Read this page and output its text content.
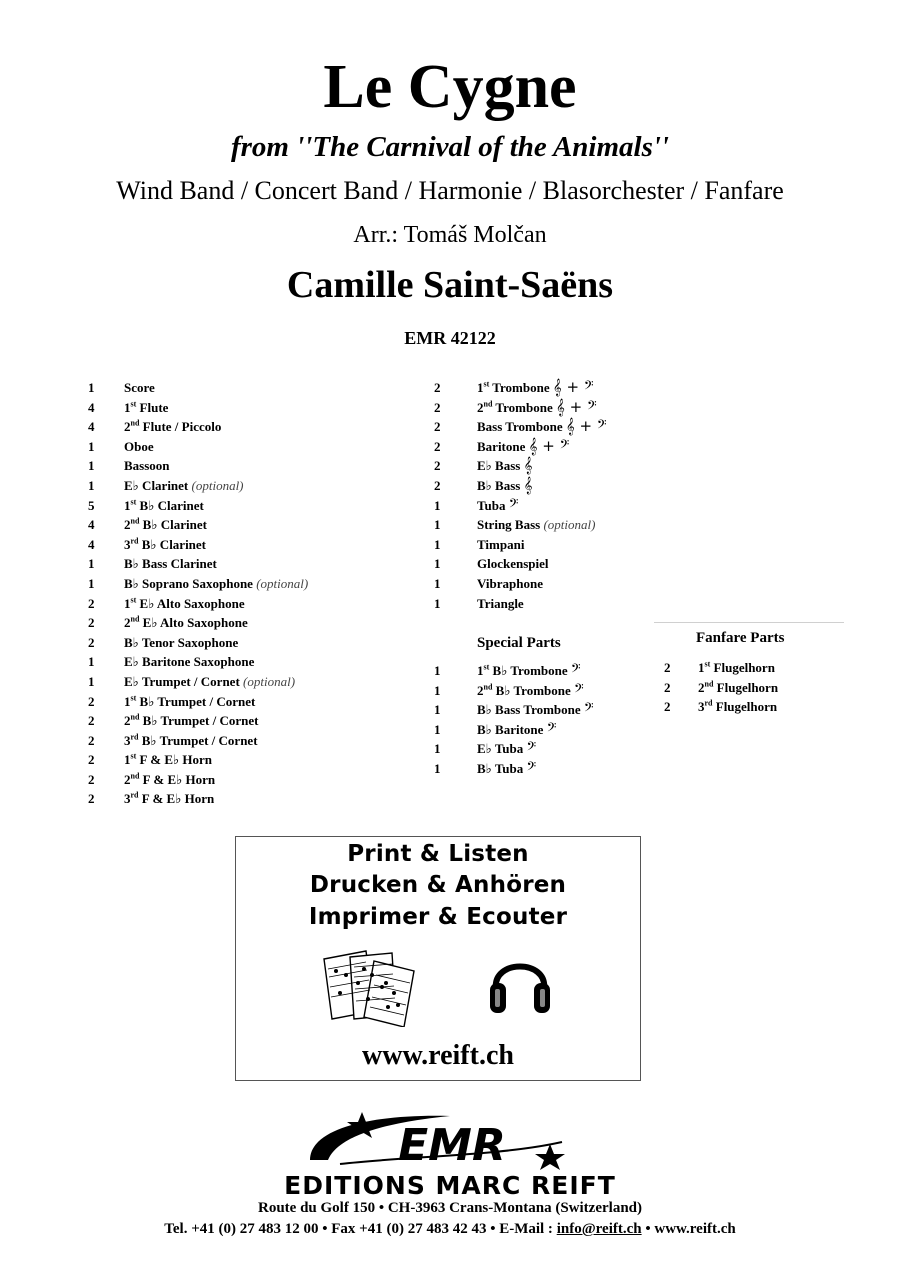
Le Cygne
from ''The Carnival of the Animals''
Wind Band / Concert Band / Harmonie / Blasorchester / Fanfare
Arr.: Tomáš Molčan
Camille Saint-Saëns
EMR 42122
1	Score
4	1st Flute
4	2nd Flute / Piccolo
1	Oboe
1	Bassoon
1	E♭ Clarinet (optional)
5	1st B♭ Clarinet
4	2nd B♭ Clarinet
4	3rd B♭ Clarinet
1	B♭ Bass Clarinet
1	B♭ Soprano Saxophone (optional)
2	1st E♭ Alto Saxophone
2	2nd E♭ Alto Saxophone
2	B♭ Tenor Saxophone
1	E♭ Baritone Saxophone
1	E♭ Trumpet / Cornet (optional)
2	1st B♭ Trumpet / Cornet
2	2nd B♭ Trumpet / Cornet
2	3rd B♭ Trumpet / Cornet
2	1st F & E♭ Horn
2	2nd F & E♭ Horn
2	3rd F & E♭ Horn
2	1st Trombone 𝄞 + 𝄢
2	2nd Trombone 𝄞 + 𝄢
2	Bass Trombone 𝄞 + 𝄢
2	Baritone 𝄞 + 𝄢
2	E♭ Bass 𝄞
2	B♭ Bass 𝄞
1	Tuba 𝄢
1	String Bass (optional)
1	Timpani
1	Glockenspiel
1	Vibraphone
1	Triangle
Special Parts
1	1st B♭ Trombone 𝄢
1	2nd B♭ Trombone 𝄢
1	B♭ Bass Trombone 𝄢
1	B♭ Baritone 𝄢
1	E♭ Tuba 𝄢
1	B♭ Tuba 𝄢
Fanfare Parts
2	1st Flugelhorn
2	2nd Flugelhorn
2	3rd Flugelhorn
Print & Listen
Drucken & Anhören
Imprimer & Ecouter
www.reift.ch
EMR
EDITIONS MARC REIFT
Route du Golf 150 • CH-3963 Crans-Montana (Switzerland)
Tel. +41 (0) 27 483 12 00 • Fax +41 (0) 27 483 42 43 • E-Mail : info@reift.ch • www.reift.ch
